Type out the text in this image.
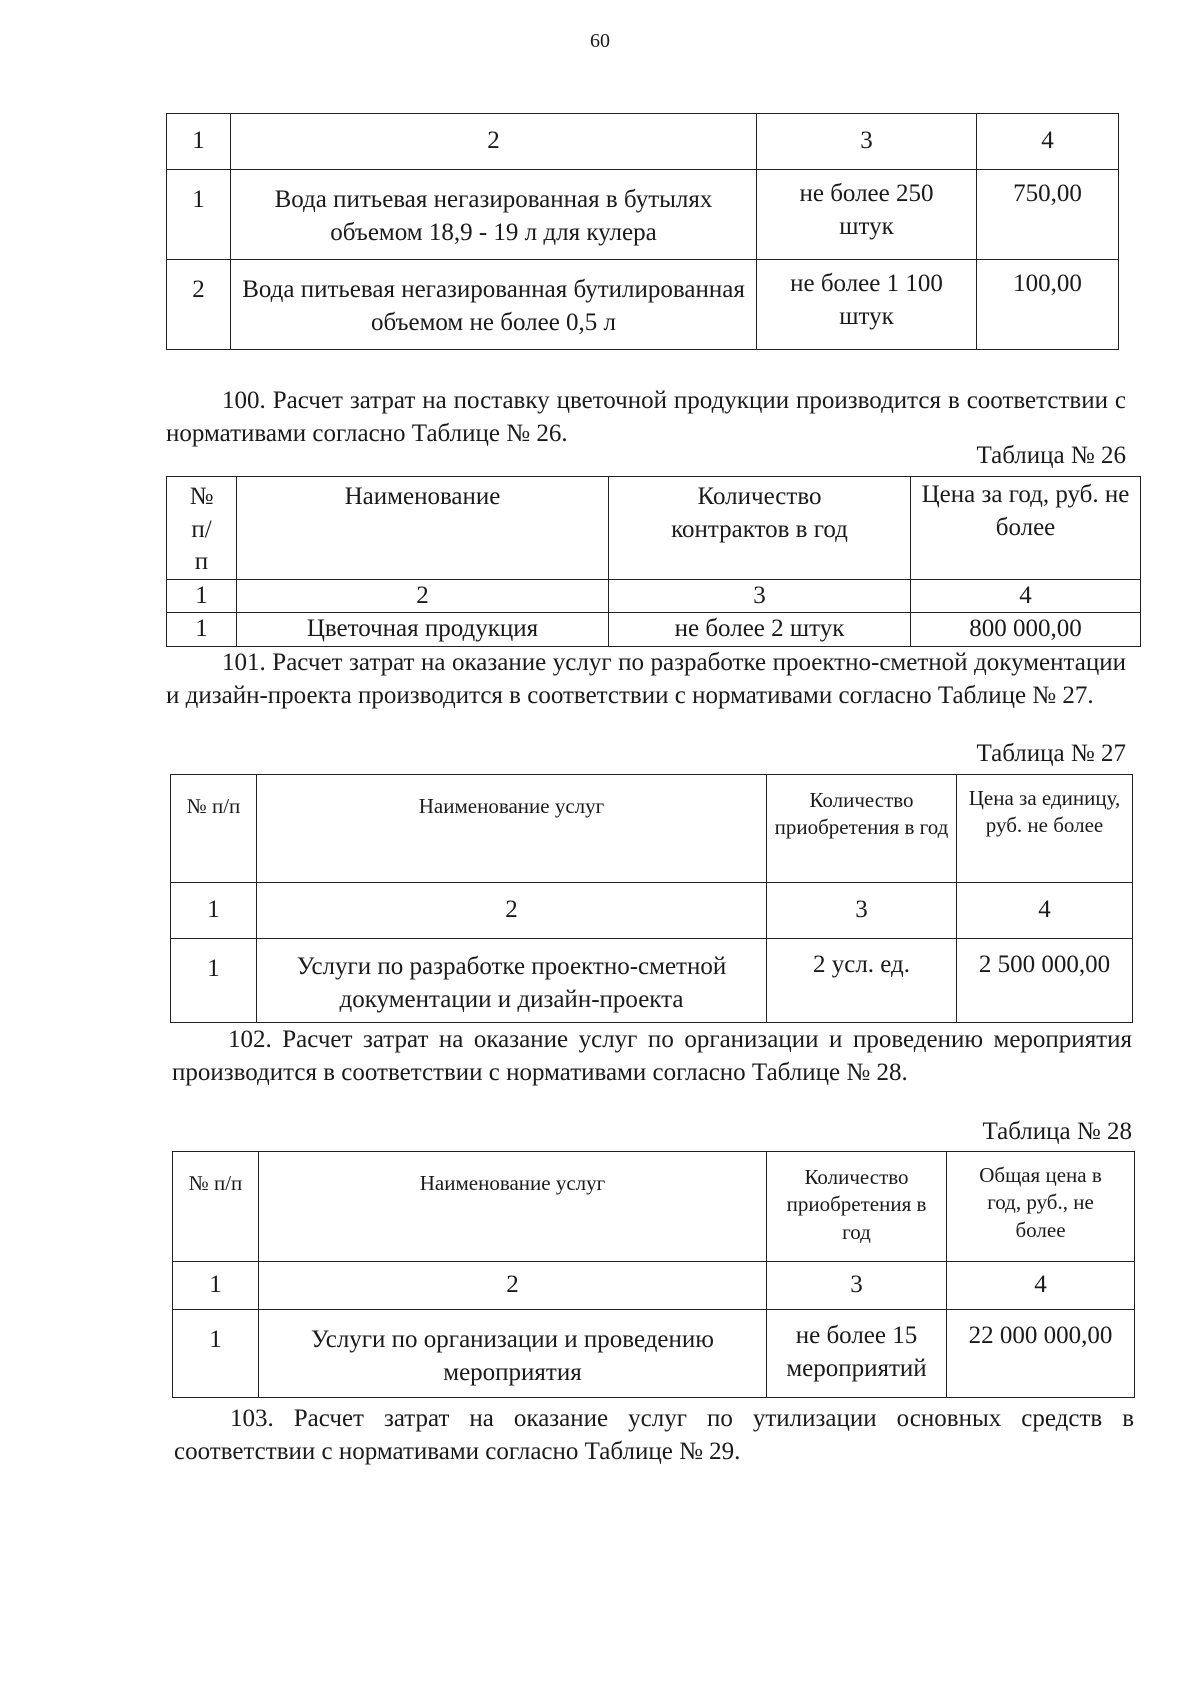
60
1	2	3	4
1	Вода питьевая негазированная в бутылях объемом 18,9 - 19 л для кулера	не более 250 штук	750,00
2	Вода питьевая негазированная бутилированная объемом не более 0,5 л	не более 1 100 штук	100,00
100. Расчет затрат на поставку цветочной продукции производится в соответствии с нормативами согласно Таблице № 26.
Таблица № 26
№ п/п	Наименование	Количество контрактов в год	Цена за год, руб. не более
1	2	3	4
1	Цветочная продукция	не более 2 штук	800 000,00
101. Расчет затрат на оказание услуг по разработке проектно-сметной документации и дизайн-проекта производится в соответствии с нормативами согласно Таблице № 27.
Таблица № 27
№ п/п	Наименование услуг	Количество приобретения в год	Цена за единицу, руб. не более
1	2	3	4
1	Услуги по разработке проектно-сметной документации и дизайн-проекта	2 усл. ед.	2 500 000,00
102. Расчет затрат на оказание услуг по организации и проведению мероприятия производится в соответствии с нормативами согласно Таблице № 28.
Таблица № 28
№ п/п	Наименование услуг	Количество приобретения в год	Общая цена в год, руб., не более
1	2	3	4
1	Услуги по организации и проведению мероприятия	не более 15 мероприятий	22 000 000,00
103. Расчет затрат на оказание услуг по утилизации основных средств в соответствии с нормативами согласно Таблице № 29.
